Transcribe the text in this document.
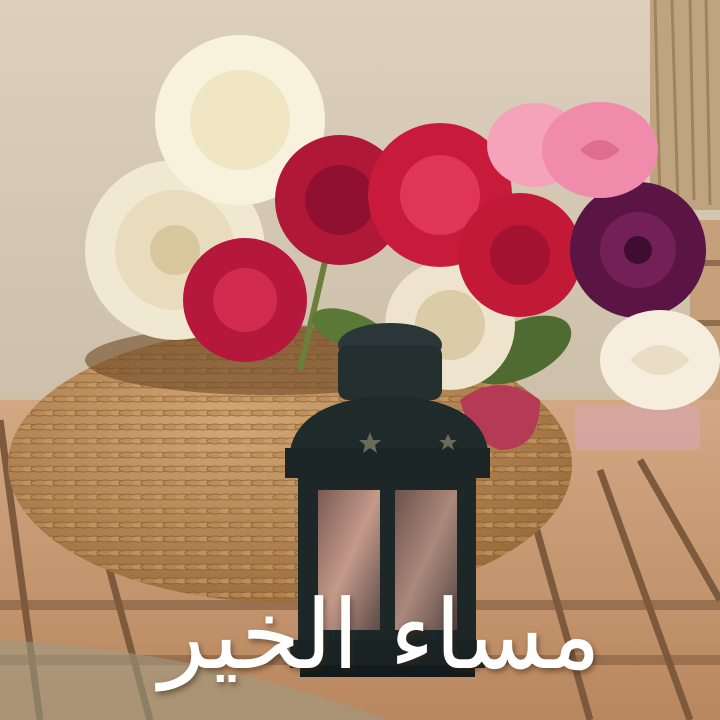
مساء الخير
